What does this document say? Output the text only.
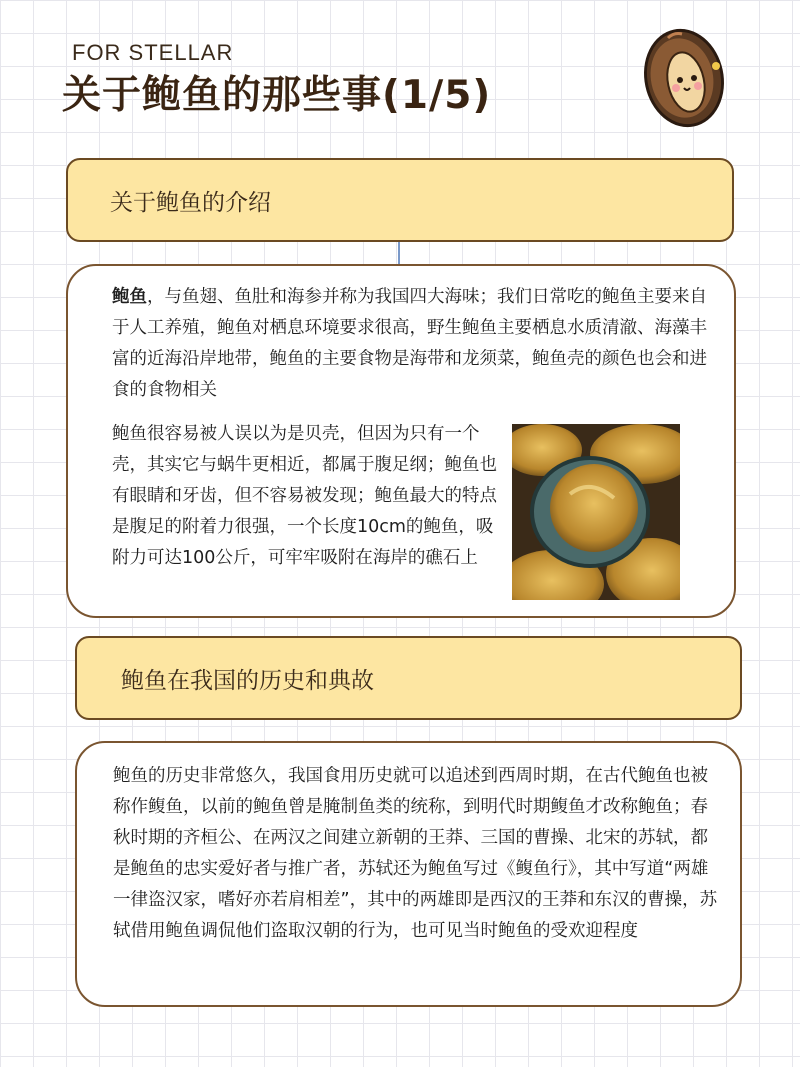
FOR STELLAR
关于鲍鱼的那些事(1/5)
关于鲍鱼的介绍

鲍鱼，与鱼翅、鱼肚和海参并称为我国四大海味；我们日常吃的鲍鱼主要来自于人工养殖，鲍鱼对栖息环境要求很高，野生鲍鱼主要栖息水质清澈、海藻丰富的近海沿岸地带，鲍鱼的主要食物是海带和龙须菜，鲍鱼壳的颜色也会和进食的食物相关

鲍鱼很容易被人误以为是贝壳，但因为只有一个壳，其实它与蜗牛更相近，都属于腹足纲；鲍鱼也有眼睛和牙齿，但不容易被发现；鲍鱼最大的特点是腹足的附着力很强，一个长度10cm的鲍鱼，吸附力可达100公斤，可牢牢吸附在海岸的礁石上

鲍鱼在我国的历史和典故

鲍鱼的历史非常悠久，我国食用历史就可以追述到西周时期，在古代鲍鱼也被称作鳆鱼，以前的鲍鱼曾是腌制鱼类的统称，到明代时期鳆鱼才改称鲍鱼；春秋时期的齐桓公、在两汉之间建立新朝的王莽、三国的曹操、北宋的苏轼，都是鲍鱼的忠实爱好者与推广者，苏轼还为鲍鱼写过《鳆鱼行》，其中写道“两雄一律盗汉家，嗜好亦若肩相差”，其中的两雄即是西汉的王莽和东汉的曹操，苏轼借用鲍鱼调侃他们盗取汉朝的行为，也可见当时鲍鱼的受欢迎程度
